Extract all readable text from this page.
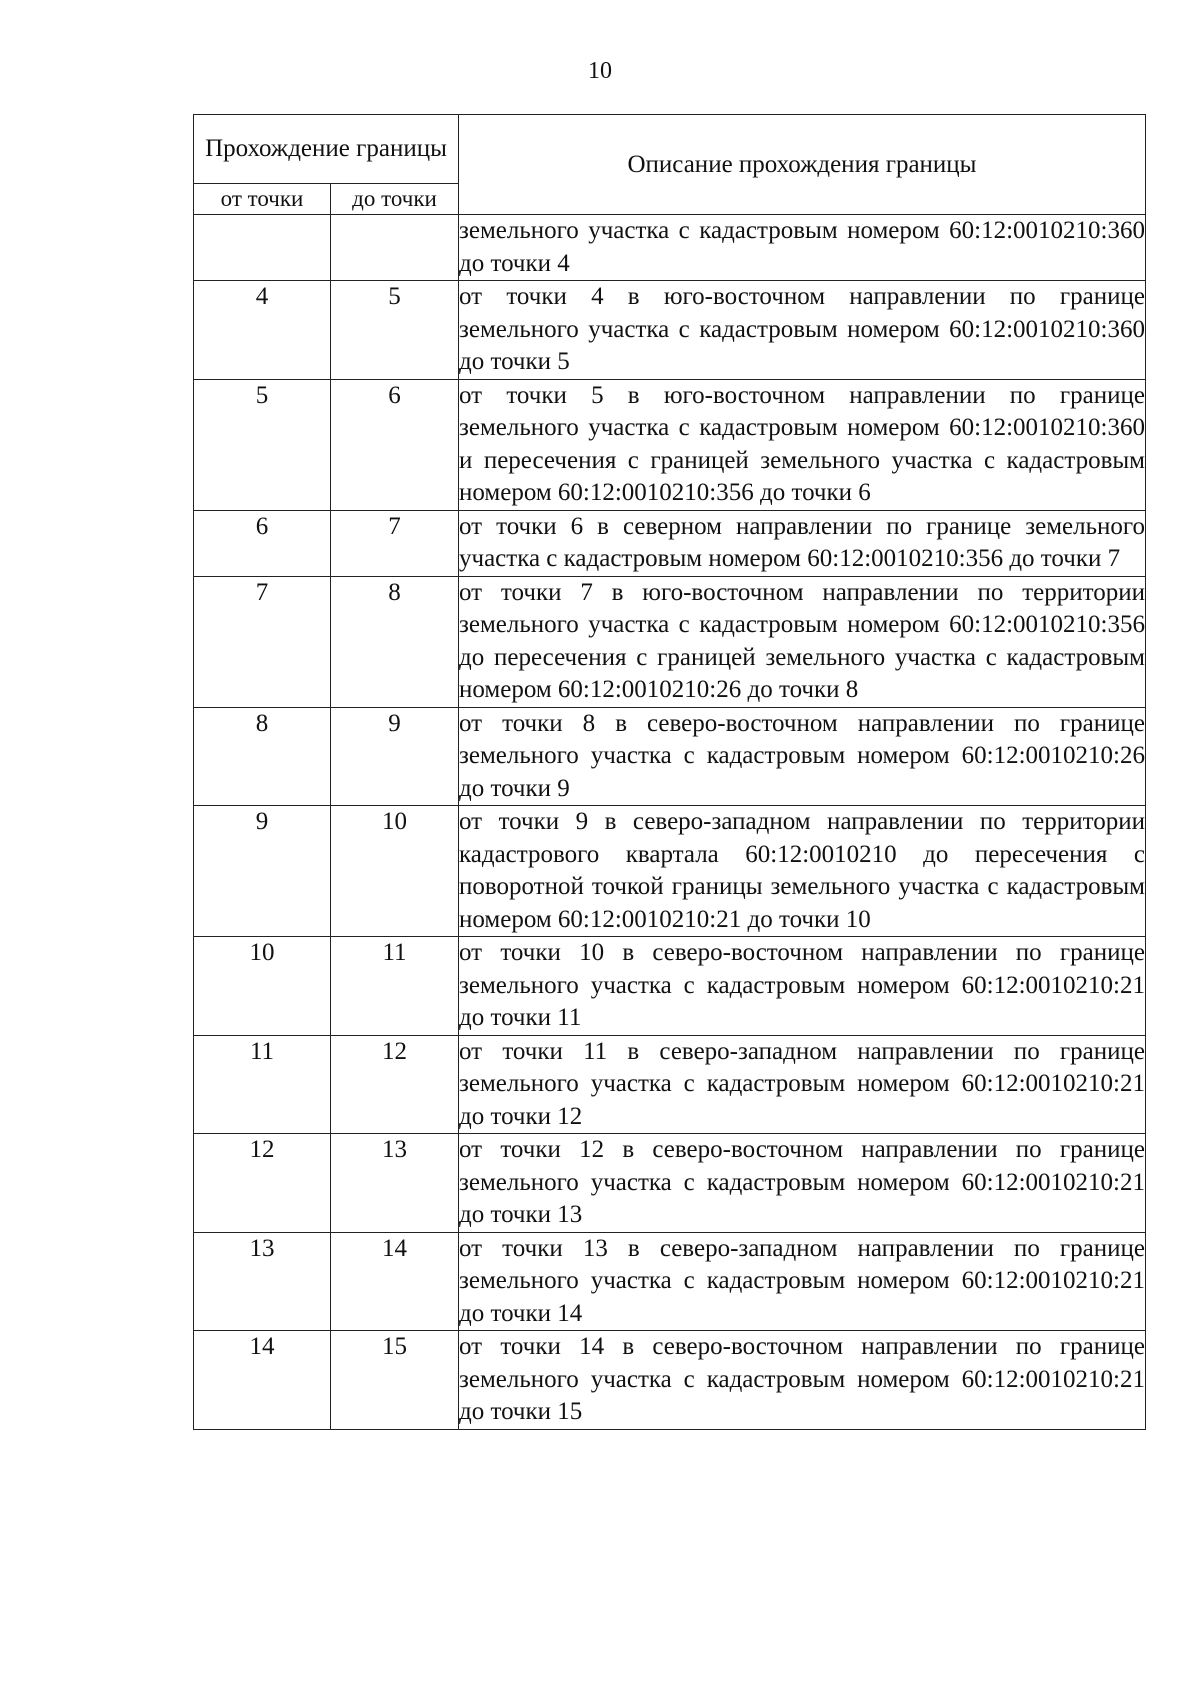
10
Прохождение границы		Описание прохождения границы
от точки	до точки	
		земельного участка с кадастровым номером 60:12:0010210:360 до точки 4
4	5	от точки 4 в юго-восточном направлении по границе земельного участка с кадастровым номером 60:12:0010210:360 до точки 5
5	6	от точки 5 в юго-восточном направлении по границе земельного участка с кадастровым номером 60:12:0010210:360 и пересечения с границей земельного участка с кадастровым номером 60:12:0010210:356 до точки 6
6	7	от точки 6 в северном направлении по границе земельного участка с кадастровым номером 60:12:0010210:356 до точки 7
7	8	от точки 7 в юго-восточном направлении по территории земельного участка с кадастровым номером 60:12:0010210:356 до пересечения с границей земельного участка с кадастровым номером 60:12:0010210:26 до точки 8
8	9	от точки 8 в северо-восточном направлении по границе земельного участка с кадастровым номером 60:12:0010210:26 до точки 9
9	10	от точки 9 в северо-западном направлении по территории кадастрового квартала 60:12:0010210 до пересечения с поворотной точкой границы земельного участка с кадастровым номером 60:12:0010210:21 до точки 10
10	11	от точки 10 в северо-восточном направлении по границе земельного участка с кадастровым номером 60:12:0010210:21 до точки 11
11	12	от точки 11 в северо-западном направлении по границе земельного участка с кадастровым номером 60:12:0010210:21 до точки 12
12	13	от точки 12 в северо-восточном направлении по границе земельного участка с кадастровым номером 60:12:0010210:21 до точки 13
13	14	от точки 13 в северо-западном направлении по границе земельного участка с кадастровым номером 60:12:0010210:21 до точки 14
14	15	от точки 14 в северо-восточном направлении по границе земельного участка с кадастровым номером 60:12:0010210:21 до точки 15
